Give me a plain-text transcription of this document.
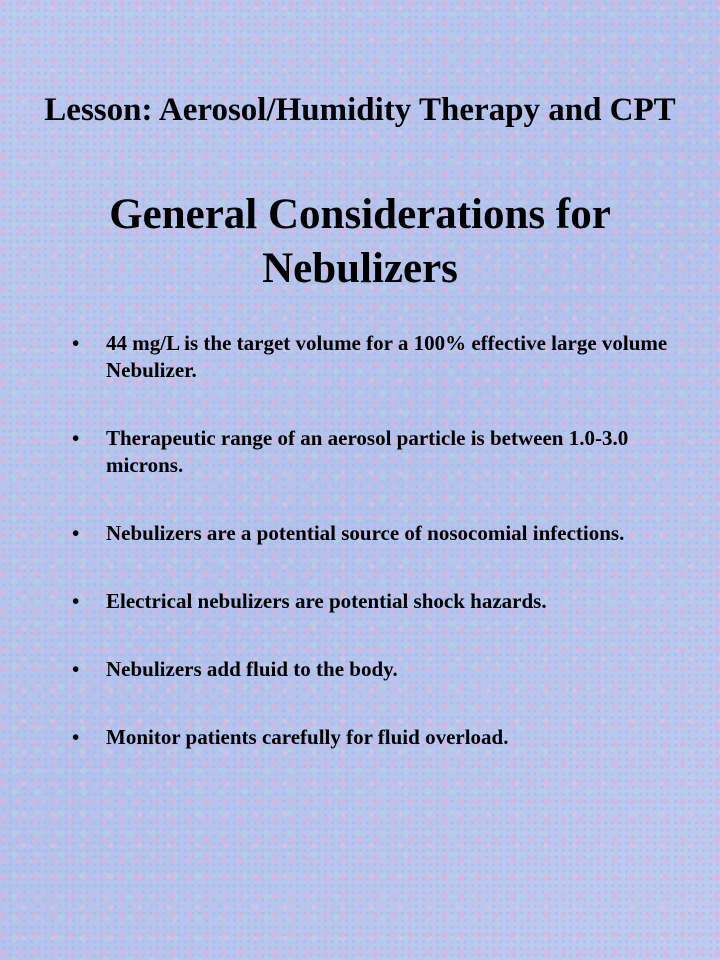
Lesson: Aerosol/Humidity Therapy and CPT
General Considerations for Nebulizers
•	44 mg/L is the target volume for a 100% effective large volume Nebulizer.
•	Therapeutic range of an aerosol particle is between 1.0-3.0 microns.
•	Nebulizers are a potential source of nosocomial infections.
•	Electrical nebulizers are potential shock hazards.
•	Nebulizers add fluid to the body.
•	Monitor patients carefully for fluid overload.
